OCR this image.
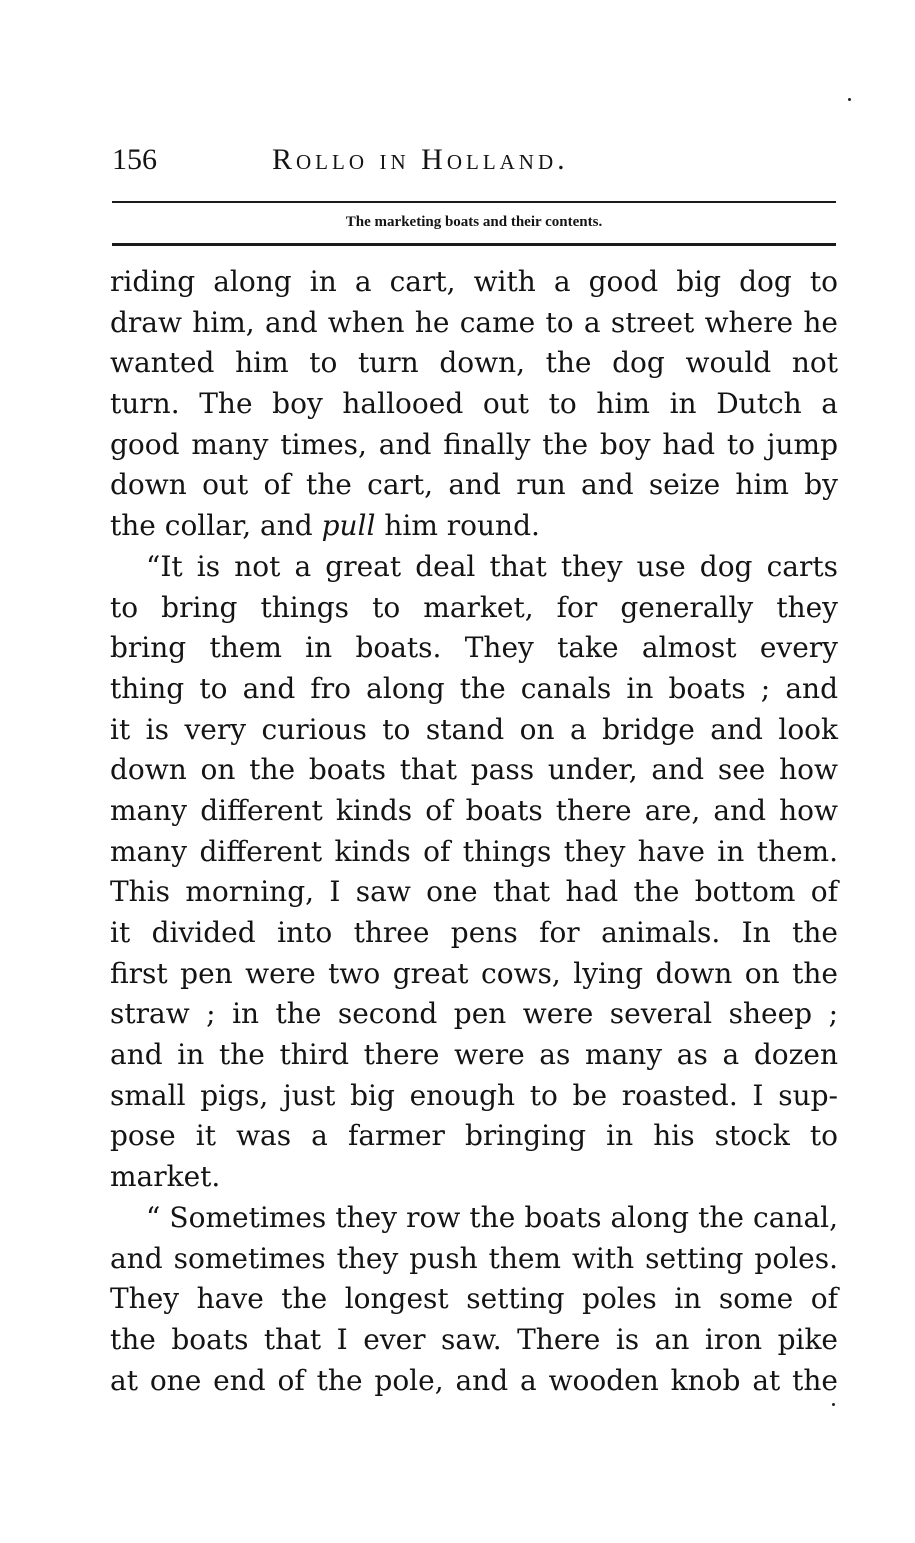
156	Rollo in Holland.
The marketing boats and their contents.
riding along in a cart, with a good big dog to
draw him, and when he came to a street where he
wanted him to turn down, the dog would not
turn. The boy hallooed out to him in Dutch a
good many times, and finally the boy had to jump
down out of the cart, and run and seize him by
the collar, and pull him round.
“It is not a great deal that they use dog carts
to bring things to market, for generally they
bring them in boats. They take almost every
thing to and fro along the canals in boats ; and
it is very curious to stand on a bridge and look
down on the boats that pass under, and see how
many different kinds of boats there are, and how
many different kinds of things they have in them.
This morning, I saw one that had the bottom of
it divided into three pens for animals. In the
first pen were two great cows, lying down on the
straw ; in the second pen were several sheep ;
and in the third there were as many as a dozen
small pigs, just big enough to be roasted. I sup-
pose it was a farmer bringing in his stock to
market.
“ Sometimes they row the boats along the canal,
and sometimes they push them with setting poles.
They have the longest setting poles in some of
the boats that I ever saw. There is an iron pike
at one end of the pole, and a wooden knob at the
